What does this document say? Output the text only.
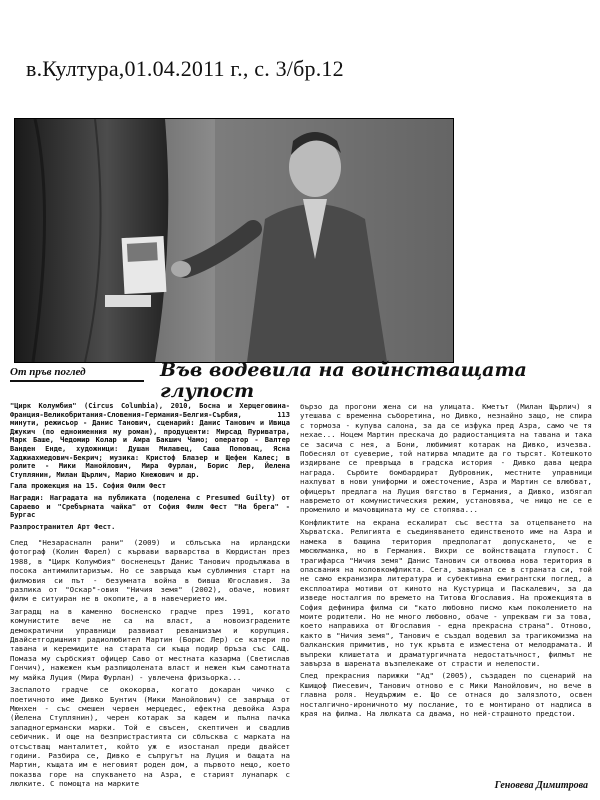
в.Култура,01.04.2011 г., с. 3/бр.12
От пръв поглед	Във водевила на войнстващата глупост

"Цирк Колумбия" (Circus Columbia), 2010, Босна и Херцеговина-Франция-Великобритания-Словения-Германия-Белгия-Сърбия, 113 минути, режисьор - Данис Танович, сценарий: Данис Танович и Ивица Джукич (по едноименния му роман), продуценти: Мирсад Пуриватра, Марк Баше, Чедомир Колар и Амра Бакшич Чамо; оператор - Валтер Ванден Енде, художници: Душан Милавец, Саша Поповац, Ясна Хаджиахмедович-Бекрич; музика: Кристоф Блазер и Щефен Калес; в ролите - Мики Манойлович, Мира Фурлан, Борис Лер, Йелена Ступлянин, Милан Щърлич, Марио Кнежович и др.

Гала прожекция на 15. София Филм Фест

Награди: Наградата на публиката (поделена с Presumed Guilty) от Сараево и "Сребърната чайка" от София Филм Фест "На брега" - Бургас

Разпространител Арт Фест.

След "Незарасналн рани" (2009) и сблъсъка на ирландски фотограф (Колин Фарел) с кървави варварства в Кюрдистан през 1988, в "Цирк Колумбия" босненецът Данис Танович продължава в посока антимилитаризъм. Но се завръща към сублимния старт на филмовия си път - безумната война в бивша Югославия. За разлика от "Оскар"-овия "Ничия земя" (2002), обаче, новият филм е ситуиран не в окопите, а в навечерието им.

Заградщ на в каменно босненско градче през 1991, когато комунистите вече не са на власт, а новоизградените демократични управници развиват реваншизъм и корупция. Двайсетгодишният радиолюбител Мартин (Борис Лер) се катери по тавана и керемидите на старата си къща подир бръза със САЩ. Помаза му сърбският офицер Саво от местната казарма (Светислав Гончич), нажежен към разпищолената власт и нежен към самотната му майка Луция (Мира Фурлан) - увлечена фризьорка...

Заспалото градче се ококорва, когато докаран чичко с поетичното име Дивко Бунтич (Мики Манойлович) се завръща от Мюнхен - със смешен червен мерцедес, ефектна девойка Азра (Йелена Ступлянин), черен котарак за кадем и пълна пачка западногермански марки. Той е свъсен, скептичен и свадлив себичник. И още на безпристрастията си сблъсква с марката на отсъстващ манталитет, който уж е изостанал преди двайсет години. Разбира се, Дивко е съпругът на Луция и бащата на Мартин, къщата им е неговият роден дом, а първото нещо, което показва горе на спукването на Азра, е старият лунапарк с люлките. С помощта на марките

бързо да прогони жена си на улицата. Кметът (Милан Щърлич) я утешава с временна съборетина, но Дивко, незнайно защо, не спира с тормоза - купува салона, за да се изфука пред Азра, само че тя нехае... Ноцем Мартин прескача до радиостанцията на тавана и така се засича с нея, а Бони, любимият котарак на Дивко, изчезва. Побеснял от суеверие, той натирва младите да го търсят. Котешкото издирване се превръща в градска история - Дивко дава щедра награда. Сърбите бомбардират Дубровник, местните управници нахлуват в нови униформи и ожесточение, Азра и Мартин се влюбват, офицерът предлага на Луция бягство в Германия, а Дивко, избягал навремето от комунистическия режим, установява, че нищо не се е променило и мачовщината му се стопява...

Конфликтите на екрана ескалират със вестта за отцепването на Хърватска. Религията е съединяването единственото име на Азра и намека в бащина територия предполагат допускането, че е мюсюлманка, но в Германия. Вихри се войнстващата глупост. С трагифарса "Ничия земя" Данис Танович си отвоюва нова територия в опасвания на коловкомфликта. Сега, завърнал се в страната си, той не само екранизира литература и субективна емигрантски поглед, а експлоатира мотиви от киното на Кустурица и Паскалевич, за да изведе носталгия по времето на Титова Югославия. На прожекцията в София дефинира филма си "като любовно писмо към поколението на моите родители. Но не много любовно, обаче - упреквам ги за това, което направиха от Югославия - една прекрасна страна". Отново, както в "Ничия земя", Танович е създал водевил за трагикомизма на балканския примитив, но тук кръвта е изместена от мелодрамата. И въпреки клишетата и драматургичната недостатъчност, филмът не завърза в шарената възпелекаже от страсти и нелепости.

След прекрасния парижки "Ад" (2005), създаден по сценарий на Кшищоф Пиесевич, Танович отново е с Мики Манойлович, но вече в главна роля. Неудържим е. Що се отнася до залязлото, освен носталгично-ироничното му послание, то е монтирано от надписа в края на филма. На люлката са двама, но ней-страшното предстои.

Геновева Димитрова
